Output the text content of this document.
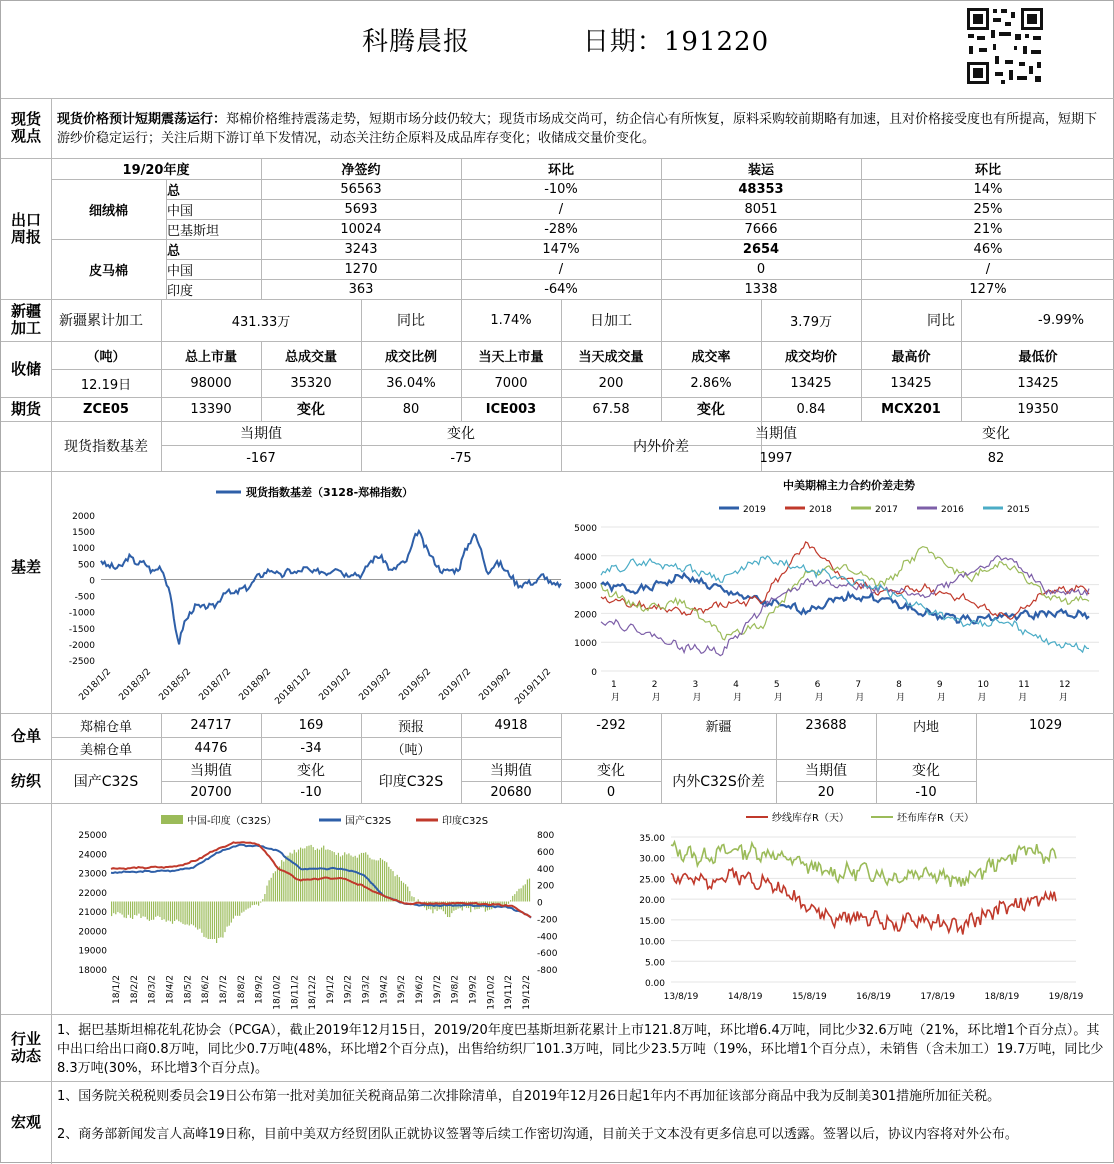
科腾晨报	日期：191220
现货
观点
出口
周报
新疆
加工
收储
期货
基差
仓单
纺织
行业
动态
宏观
现货价格预计短期震荡运行：郑棉价格维持震荡走势，短期市场分歧仍较大；现货市场成交尚可，纺企信心有所恢复，原料采购较前期略有加速，且对价格接受度也有所提高，短期下游纱价稳定运行；关注后期下游订单下发情况，动态关注纺企原料及成品库存变化；收储成交量价变化。
19/20年度	净签约	环比	装运	环比
细绒棉
总	56563	-10%	48353	14%
中国	5693	/	8051	25%
巴基斯坦	10024	-28%	7666	21%
皮马棉
总	3243	147%	2654	46%
中国	1270	/	0	/
印度	363	-64%	1338	127%
新疆累计加工	431.33万	同比	1.74%	日加工	3.79万	同比	-9.99%
（吨）	总上市量	总成交量	成交比例	当天上市量	当天成交量	成交率	成交均价	最高价	最低价
12.19日	98000	35320	36.04%	7000	200	2.86%	13425	13425	13425
ZCE05	13390	变化	80	ICE003	67.58	变化	0.84	MCX201	19350
现货指数基差
当期值	变化
-167	-75
内外价差
当期值	变化
1997	82
现货指数基差（3128-郑棉指数）
2000
1500
1000
500
0
-500
-1000
-1500
-2000
-2500
2018/1/2 2018/3/2 2018/5/2 2018/7/2 2018/9/2 2018/11/2 2019/1/2 2019/3/2 2019/5/2 2019/7/2 2019/9/2 2019/11/2
中美期棉主力合约价差走势
2019	2018	2017	2016	2015
5000
4000
3000
2000
1000
0
1
月
2
月
3
月
4
月
5
月
6
月
7
月
8
月
9
月
10
月
11
月
12
月
郑棉仓单	24717	169	预报	4918	-292	新疆	23688	内地	1029
美棉仓单	4476	-34	（吨）
国产C32S
当期值	变化
20700	-10
印度C32S
当期值	变化
20680	0
内外C32S价差
当期值	变化
20	-10
中国-印度（C32S）	国产C32S	印度C32S
25000
24000
23000
22000
21000
20000
19000
18000
800
600
400
200
0
-200
-400
-600
-800
18/1/2 18/2/2 18/3/2 18/4/2 18/5/2 18/6/2 18/7/2 18/8/2 18/9/2 18/10/2 18/11/2 18/12/2 19/1/2 19/2/2 19/3/2 19/4/2 19/5/2 19/6/2 19/7/2 19/8/2 19/9/2 19/10/2 19/11/2 19/12/2
纱线库存R（天）	坯布库存R（天）
35.00
30.00
25.00
20.00
15.00
10.00
5.00
0.00
13/8/19	14/8/19	15/8/19	16/8/19	17/8/19	18/8/19	19/8/19
1、据巴基斯坦棉花轧花协会（PCGA），截止2019年12月15日，2019/20年度巴基斯坦新花累计上市121.8万吨，环比增6.4万吨，同比少32.6万吨（21%，环比增1个百分点）。其中出口给出口商0.8万吨，同比少0.7万吨(48%，环比增2个百分点)，出售给纺织厂101.3万吨，同比少23.5万吨（19%，环比增1个百分点），未销售（含未加工）19.7万吨，同比少8.3万吨(30%，环比增3个百分点)。
1、国务院关税税则委员会19日公布第一批对美加征关税商品第二次排除清单，自2019年12月26日起1年内不再加征该部分商品中我为反制美301措施所加征关税。
2、商务部新闻发言人高峰19日称，目前中美双方经贸团队正就协议签署等后续工作密切沟通，目前关于文本没有更多信息可以透露。签署以后，协议内容将对外公布。
